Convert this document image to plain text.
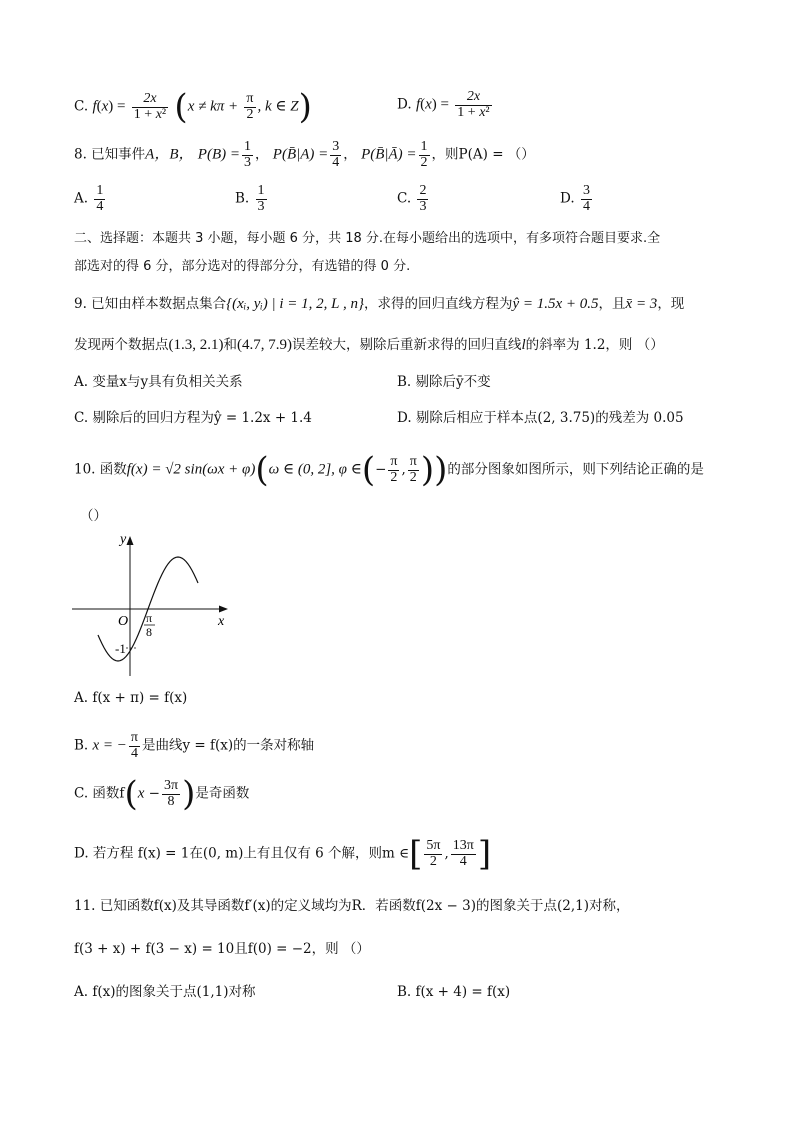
C. $f(x) = \frac{2x}{\text{1 + x²}} (x \ne k\pi + \frac{\pi}{2}$ , k ∈ Z)	D. $f(x) = \frac{2x}{\text{1 + x²}}$
8. 已知事件A，B， $P(B) = \frac{1}{3}$ ， P(B̄|A) = $\frac{3}{4}$ ， P(B̄|Ā) = $\frac{1}{2}$ ，则P(A) = （）
A. $\frac{1}{4}$	B. $\frac{1}{3}$	C. $\frac{2}{3}$	D. $\frac{3}{4}$
二、选择题：本题共 3 小题，每小题 6 分，共 18 分.在每小题给出的选项中，有多项符合题目要求.全
部选对的得 6 分，部分选对的得部分分，有选错的得 0 分.
9. 已知由样本数据点集合{(xᵢ, yᵢ) | i = 1, 2, L , n}，求得的回归直线方程为ŷ = 1.5x + 0.5，且x̄ = 3，现
发现两个数据点(1.3, 2.1)和(4.7, 7.9)误差较大，剔除后重新求得的回归直线l的斜率为 1.2，则 （）
A. 变量x与y具有负相关关系	B. 剔除后ȳ不变
C. 剔除后的回归方程为ŷ = 1.2x + 1.4	D. 剔除后相应于样本点(2, 3.75)的残差为 0.05
10. 函数f(x) = √2 sin(ωx + φ)(ω ∈ (0, 2], φ ∈(− $\frac{\pi}{2}$ , $\frac{\pi}{2}$ ))的部分图象如图所示，则下列结论正确的是
（）
y
x
O
-1
π
8
A. f(x + π) = f(x)
B. x = − $\frac{\pi}{4}$ 是曲线y = f(x)的一条对称轴
C. 函数$f(x - \frac{3\pi}{8}$ )是奇函数
D. 若方程 f(x) = 1在(0, m)上有且仅有 6 个解，则m ∈[ $\frac{5\pi}{2}$ , $\frac{13\pi}{4}$ ]
11. 已知函数f(x)及其导函数f′(x)的定义域均为R．若函数f(2x − 3)的图象关于点(2,1)对称，
f(3 + x) + f(3 − x) = 10且f(0) = −2，则 （）
A. f(x)的图象关于点(1,1)对称	B. f(x + 4) = f(x)
